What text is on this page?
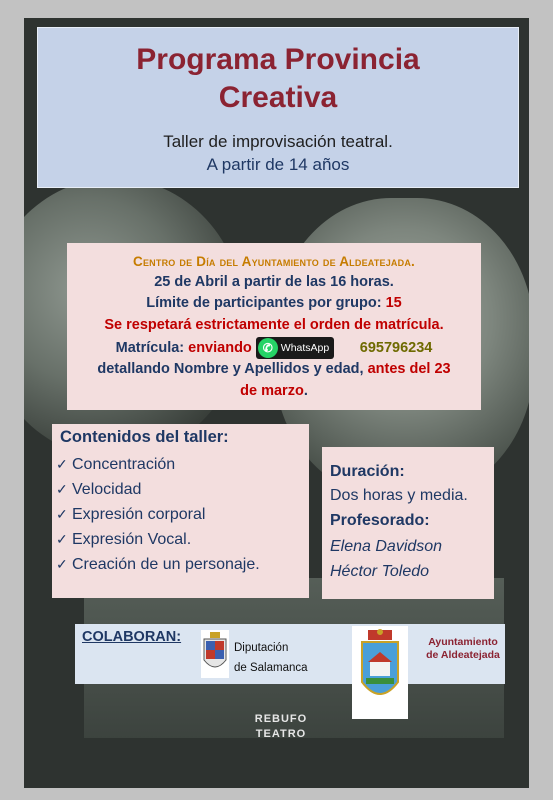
Programa Provincia
Creativa
Taller de improvisación teatral.
A partir de 14 años
Centro de Día del Ayuntamiento de Aldeatejada.
25 de Abril a partir de las 16 horas.
Límite de participantes por grupo: 15
Se respetará estrictamente el orden de matrícula.
Matrícula: enviando ✆ WhatsApp 695796234
detallando Nombre y Apellidos y edad, antes del 23
de marzo.
Contenidos del taller:
✓ Concentración
✓ Velocidad
✓ Expresión corporal
✓ Expresión Vocal.
✓ Creación de un personaje.
Duración:
Dos horas y media.
Profesorado:
Elena Davidson
Héctor Toledo
COLABORAN:
Diputación
de Salamanca
Ayuntamiento
de Aldeatejada
REBUFO
TEATRO
